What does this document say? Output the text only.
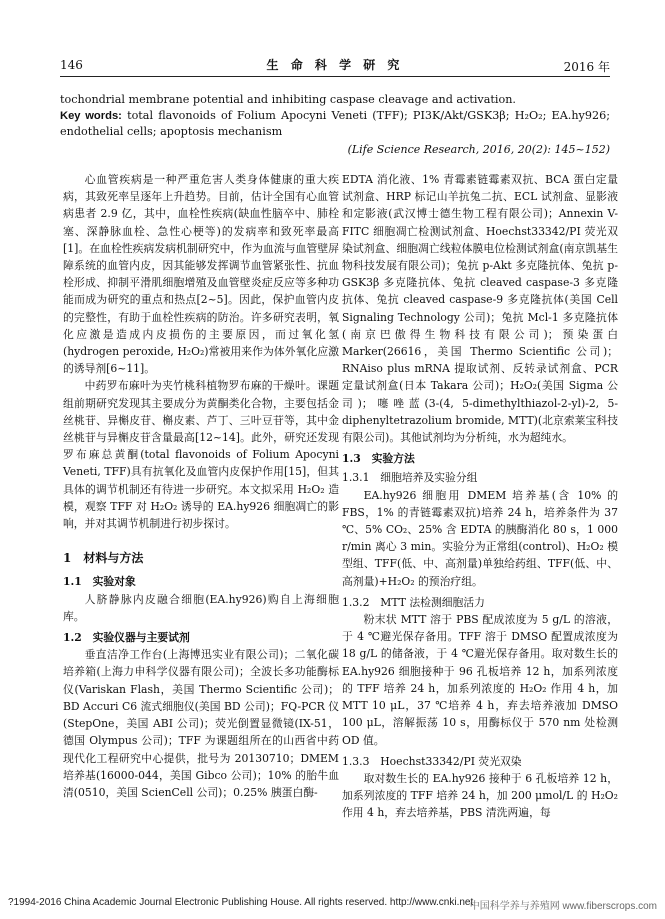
146	生 命 科 学 研 究	2016 年
tochondrial membrane potential and inhibiting caspase cleavage and activation.
Key words: total flavonoids of Folium Apocyni Veneti (TFF); PI3K/Akt/GSK3β; H₂O₂; EA.hy926; endothelial cells; apoptosis mechanism
(Life Science Research, 2016, 20(2): 145~152)

心血管疾病是一种严重危害人类身体健康的重大疾病，其致死率呈逐年上升趋势。目前，估计全国有心血管病患者 2.9 亿，其中，血栓性疾病(缺血性脑卒中、肺栓塞、深静脉血栓、急性心梗等)的发病率和致死率最高[1]。在血栓性疾病发病机制研究中，作为血流与血管壁屏障系统的血管内皮，因其能够发挥调节血管紧张性、抗血栓形成、抑制平滑肌细胞增殖及血管壁炎症反应等多种功能而成为研究的重点和热点[2~5]。因此，保护血管内皮的完整性，有助于血栓性疾病的防治。许多研究表明，氧化应激是造成内皮损伤的主要原因，而过氧化氢(hydrogen peroxide, H₂O₂)常被用来作为体外氧化应激的诱导剂[6~11]。

中药罗布麻叶为夹竹桃科植物罗布麻的干燥叶。课题组前期研究发现其主要成分为黄酮类化合物，主要包括金丝桃苷、异槲皮苷、槲皮素、芦丁、三叶豆苷等，其中金丝桃苷与异槲皮苷含量最高[12~14]。此外，研究还发现罗布麻总黄酮(total flavonoids of Folium Apocyni Veneti, TFF)具有抗氧化及血管内皮保护作用[15]，但其具体的调节机制还有待进一步研究。本文拟采用 H₂O₂ 造模，观察 TFF 对 H₂O₂ 诱导的 EA.hy926 细胞凋亡的影响，并对其调节机制进行初步探讨。

1　材料与方法

1.1　实验对象

人脐静脉内皮融合细胞(EA.hy926)购自上海细胞库。

1.2　实验仪器与主要试剂

垂直洁净工作台(上海博迅实业有限公司)；二氧化碳培养箱(上海力申科学仪器有限公司)；全波长多功能酶标仪(Variskan Flash，美国 Thermo Scientific 公司)；BD Accuri C6 流式细胞仪(美国 BD 公司)；FQ-PCR 仪(StepOne，美国 ABI 公司)；荧光倒置显微镜(IX-51，德国 Olympus 公司)；TFF 为课题组所在的山西省中药现代化工程研究中心提供，批号为 20130710；DMEM 培养基(16000-044，美国 Gibco 公司)；10% 的胎牛血清(0510，美国 ScienCell 公司)；0.25% 胰蛋白酶-

EDTA 消化液、1% 青霉素链霉素双抗、BCA 蛋白定量试剂盒、HRP 标记山羊抗兔二抗、ECL 试剂盒、显影液和定影液(武汉博士德生物工程有限公司)；Annexin V-FITC 细胞凋亡检测试剂盒、Hoechst33342/PI 荧光双染试剂盒、细胞凋亡线粒体膜电位检测试剂盒(南京凯基生物科技发展有限公司)；兔抗 p-Akt 多克隆抗体、兔抗 p-GSK3β 多克隆抗体、兔抗 cleaved caspase-3 多克隆抗体、兔抗 cleaved caspase-9 多克隆抗体(美国 Cell Signaling Technology 公司)；兔抗 Mcl-1 多克隆抗体(南京巴傲得生物科技有限公司)；预染蛋白 Marker(26616，美国 Thermo Scientific 公司)；RNAiso plus mRNA 提取试剂、反转录试剂盒、PCR 定量试剂盒(日本 Takara 公司)；H₂O₂(美国 Sigma 公司)；噻唑蓝(3-(4, 5-dimethylthiazol-2-yl)-2, 5-diphenyltetrazolium bromide, MTT)(北京索莱宝科技有限公司)。其他试剂均为分析纯，水为超纯水。

1.3　实验方法

1.3.1　细胞培养及实验分组

EA.hy926 细胞用 DMEM 培养基(含 10% 的 FBS，1% 的青链霉素双抗)培养 24 h，培养条件为 37 ℃、5% CO₂、25% 含 EDTA 的胰酶消化 80 s，1 000 r/min 离心 3 min。实验分为正常组(control)、H₂O₂ 模型组、TFF(低、中、高剂量)单独给药组、TFF(低、中、高剂量)+H₂O₂ 的预治疗组。

1.3.2　MTT 法检测细胞活力

粉末状 MTT 溶于 PBS 配成浓度为 5 g/L 的溶液，于 4 ℃避光保存备用。TFF 溶于 DMSO 配置成浓度为 18 g/L 的储备液，于 4 ℃避光保存备用。取对数生长的 EA.hy926 细胞接种于 96 孔板培养 12 h，加系列浓度的 TFF 培养 24 h，加系列浓度的 H₂O₂ 作用 4 h，加 MTT 10 μL，37 ℃培养 4 h，弃去培养液加 DMSO 100 μL，溶解振荡 10 s，用酶标仪于 570 nm 处检测 OD 值。

1.3.3　Hoechst33342/PI 荧光双染

取对数生长的 EA.hy926 接种于 6 孔板培养 12 h，加系列浓度的 TFF 培养 24 h，加 200 μmol/L 的 H₂O₂ 作用 4 h，弃去培养基，PBS 清洗两遍，每

?1994-2016 China Academic Journal Electronic Publishing House. All rights reserved. http://www.cnki.net
中国科学养与养殖网 www.fiberscrops.com
